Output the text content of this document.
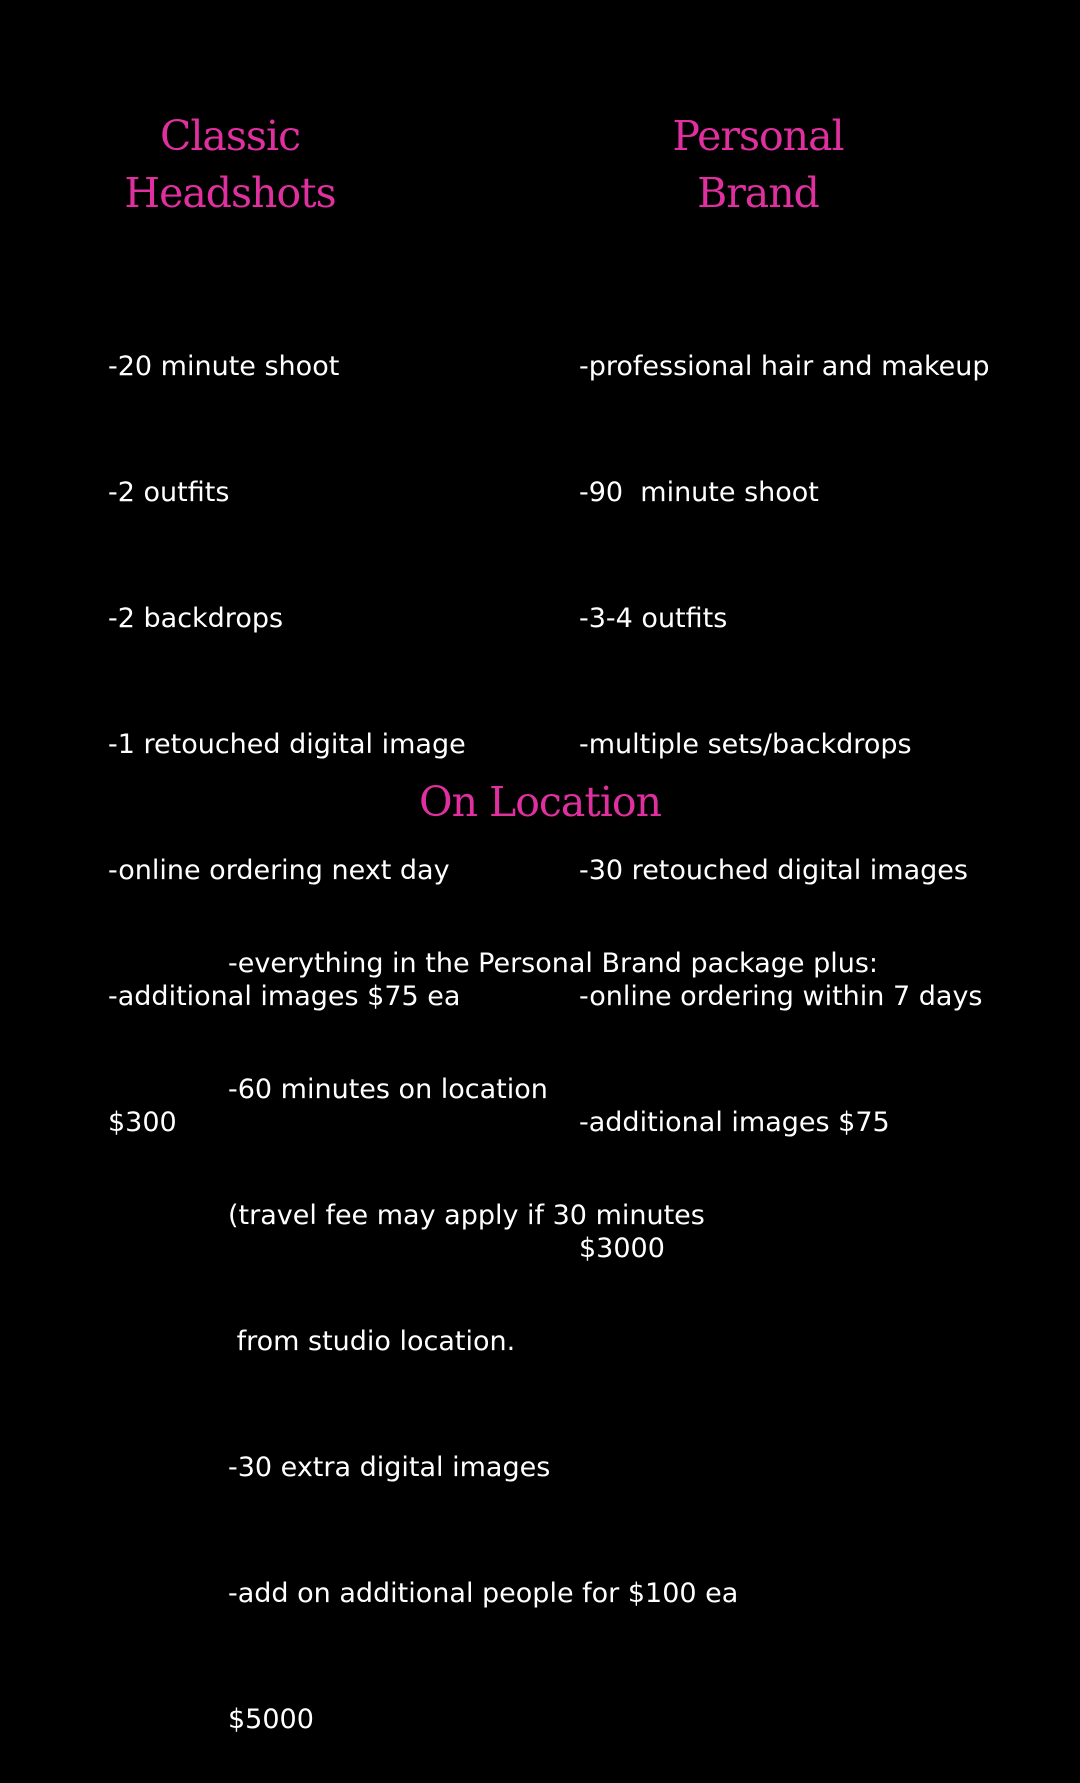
Classic
Headshots

-20 minute shoot

-2 outfits

-2 backdrops

-1 retouched digital image

-online ordering next day

-additional images $75 ea

$300

Personal
Brand

-professional hair and makeup

-90  minute shoot

-3-4 outfits

-multiple sets/backdrops

-30 retouched digital images

-online ordering within 7 days

-additional images $75

$3000

On Location

-everything in the Personal Brand package plus:

-60 minutes on location

(travel fee may apply if 30 minutes

from studio location.

-30 extra digital images

-add on additional people for $100 ea

$5000
